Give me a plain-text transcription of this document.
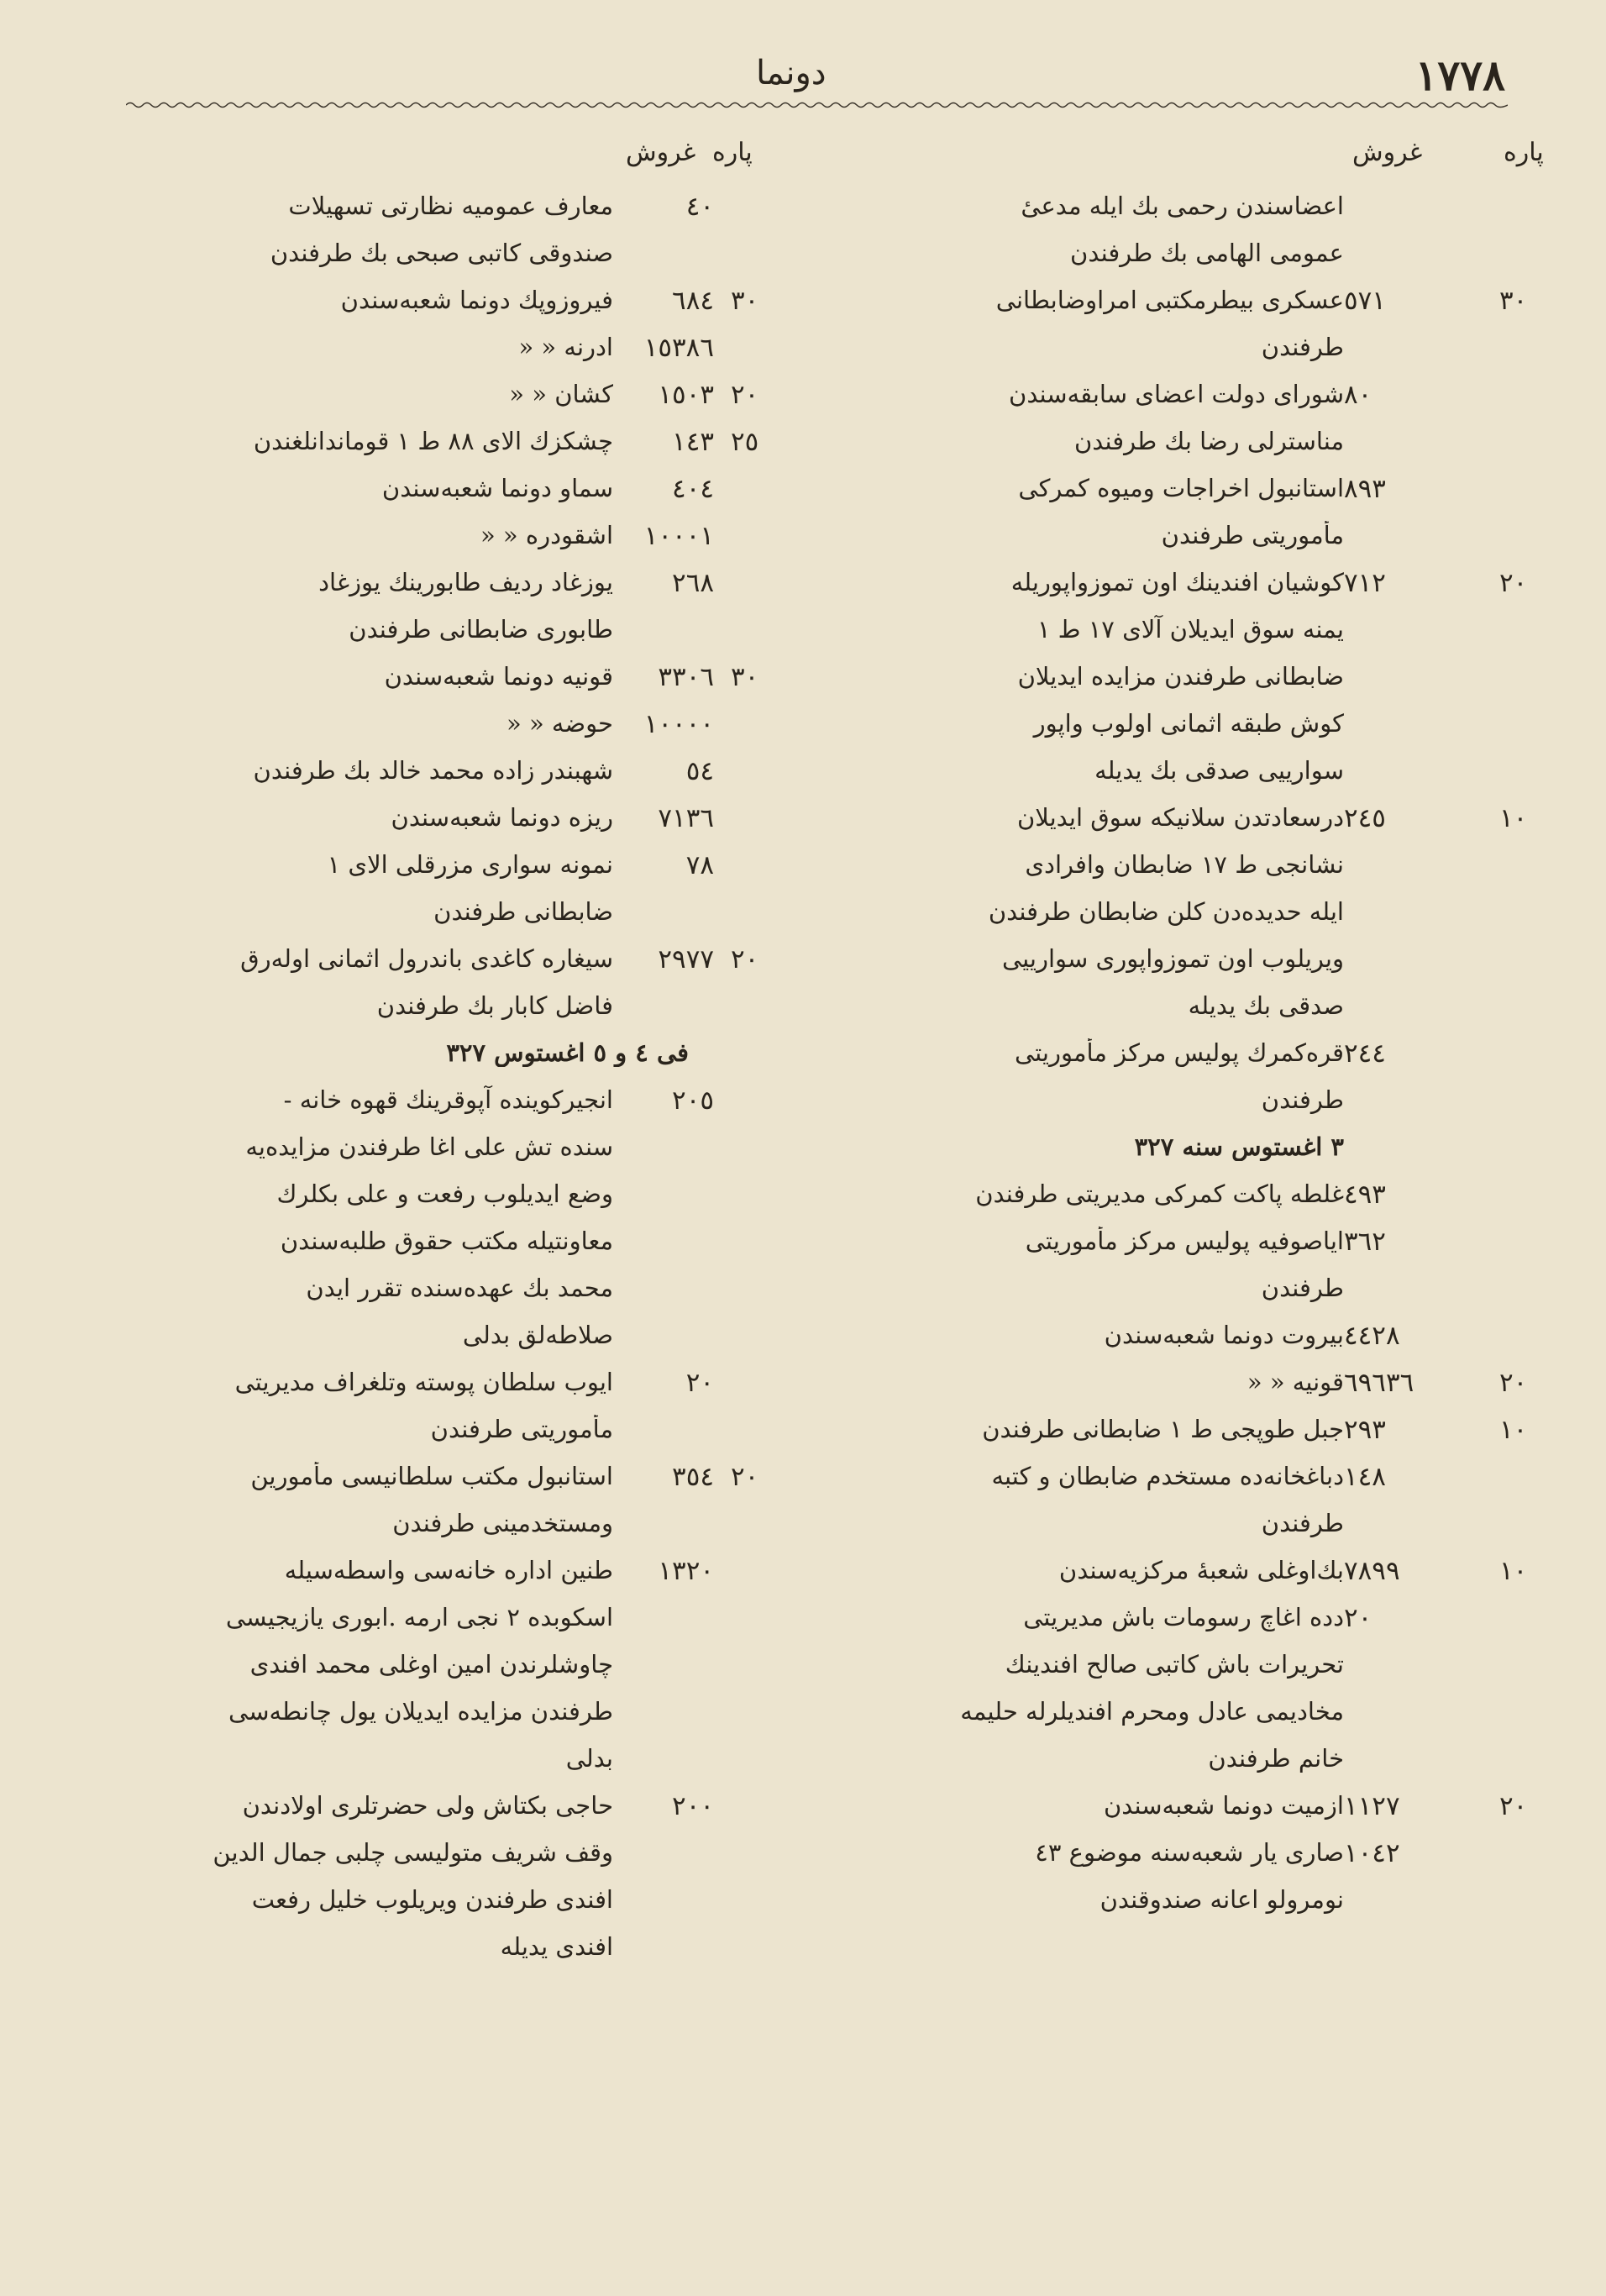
١٧٧٨
دونما
غروش	پاره
اعضاسندن رحمی بك ایله مدعیٔ
عمومی الهامی بك طرفندن
عسكری بیطرمكتبی امراوضابطانی ٥٧١	٣٠
طرفندن
شورای دولت اعضای سابقه‌سندن ٨٠
مناسترلی رضا بك طرفندن
استانبول اخراجات ومیوه كمركی ٨٩٣
مأموریتی طرفندن
كوشیان افندینك اون تموزواپوریله ٧١٢	٢٠
یمنه سوق ایدیلان آلای ١٧ ط ١
ضابطانی طرفندن مزایده ایدیلان
كوش طبقه اثمانی اولوب واپور
سوارییی صدقی بك یدیله
درسعادتدن سلانیكه سوق ایدیلان ٢٤٥	١٠
نشانجی ط ١٧ ضابطان وافرادی
ایله حدیده‌دن كلن ضابطان طرفندن
ویریلوب اون تموزواپوری سوارییی
صدقی بك یدیله
قره‌كمرك پولیس مركز مأموریتی ٢٤٤
طرفندن
٣ اغستوس سنه ٣٢٧
غلطه پاكت كمركی مدیریتی طرفندن ٤٩٣
ایاصوفیه پولیس مركز مأموریتی ٣٦٢
طرفندن
بیروت دونما شعبه‌سندن ٤٤٢٨
قونیه « « ٦٩٦٣٦	٢٠
جبل طوپجی ط ١ ضابطانی طرفندن ٢٩٣	١٠
دباغخانه‌ده مستخدم ضابطان و كتبه ١٤٨
طرفندن
بك‌اوغلی شعبهٔ مركزیه‌سندن ٧٨٩٩	١٠
دده اغاچ رسومات باش مدیریتی ٢٠
تحریرات باش كاتبی صالح افندینك
مخادیمی عادل ومحرم افندیلرله حلیمه
خانم طرفندن
ازمیت دونما شعبه‌سندن ١١٢٧	٢٠
صاری یار شعبه‌سنه موضوع ٤٣ ١٠٤٢
نومرولو اعانه صندوقندن
غروش پاره
معارف عمومیه نظارتی تسهیلات	٤٠
صندوقی كاتبی صبحی بك طرفندن
فیروزوپك دونما شعبه‌سندن	٦٨٤ ٣٠
ادرنه « «	١٥٣٨٦
كشان « «	١٥٠٣ ٢٠
چشكزك الای ٨٨ ط ١ قوماندانلغندن	١٤٣ ٢٥
سماو دونما شعبه‌سندن	٤٠٤
اشقودره « «	١٠٠٠١
یوزغاد ردیف طابورینك یوزغاد	٢٦٨
طابوری ضابطانی طرفندن
قونیه دونما شعبه‌سندن	٣٣٠٦ ٣٠
حوضه « «	١٠٠٠٠
شهبندر زاده محمد خالد بك طرفندن	٥٤
ریزه دونما شعبه‌سندن	٧١٣٦
نمونه سواری مزرقلی الای ١	٧٨
ضابطانی طرفندن
سیغاره كاغدی باندرول اثمانی اوله‌رق	٢٩٧٧ ٢٠
فاضل كابار بك طرفندن
فی ٤ و ٥ اغستوس ٣٢٧
انجیركوینده آپوقرینك قهوه خانه -	٢٠٥
سنده تش علی اغا طرفندن مزایده‌یه
وضع ایدیلوب رفعت و علی بكلرك
معاونتیله مكتب حقوق طلبه‌سندن
محمد بك عهده‌سنده تقرر ایدن
صلاطه‌لق بدلی
ایوب سلطان پوسته وتلغراف مدیریتی	٢٠
مأموریتی طرفندن
استانبول مكتب سلطانیسی مأمورین	٣٥٤ ٢٠
ومستخدمینی طرفندن
طنین اداره خانه‌سی واسطه‌سیله	١٣٢٠
اسكوبده ٢ نجی ارمه .ابوری یازیجیسی
چاوشلرندن امین اوغلی محمد افندی
طرفندن مزایده ایدیلان یول چانطه‌سی
بدلی
حاجی بكتاش ولی حضرتلری اولادندن	٢٠٠
وقف شریف متولیسی چلبی جمال الدین
افندی طرفندن ویریلوب خلیل رفعت
افندی یدیله
